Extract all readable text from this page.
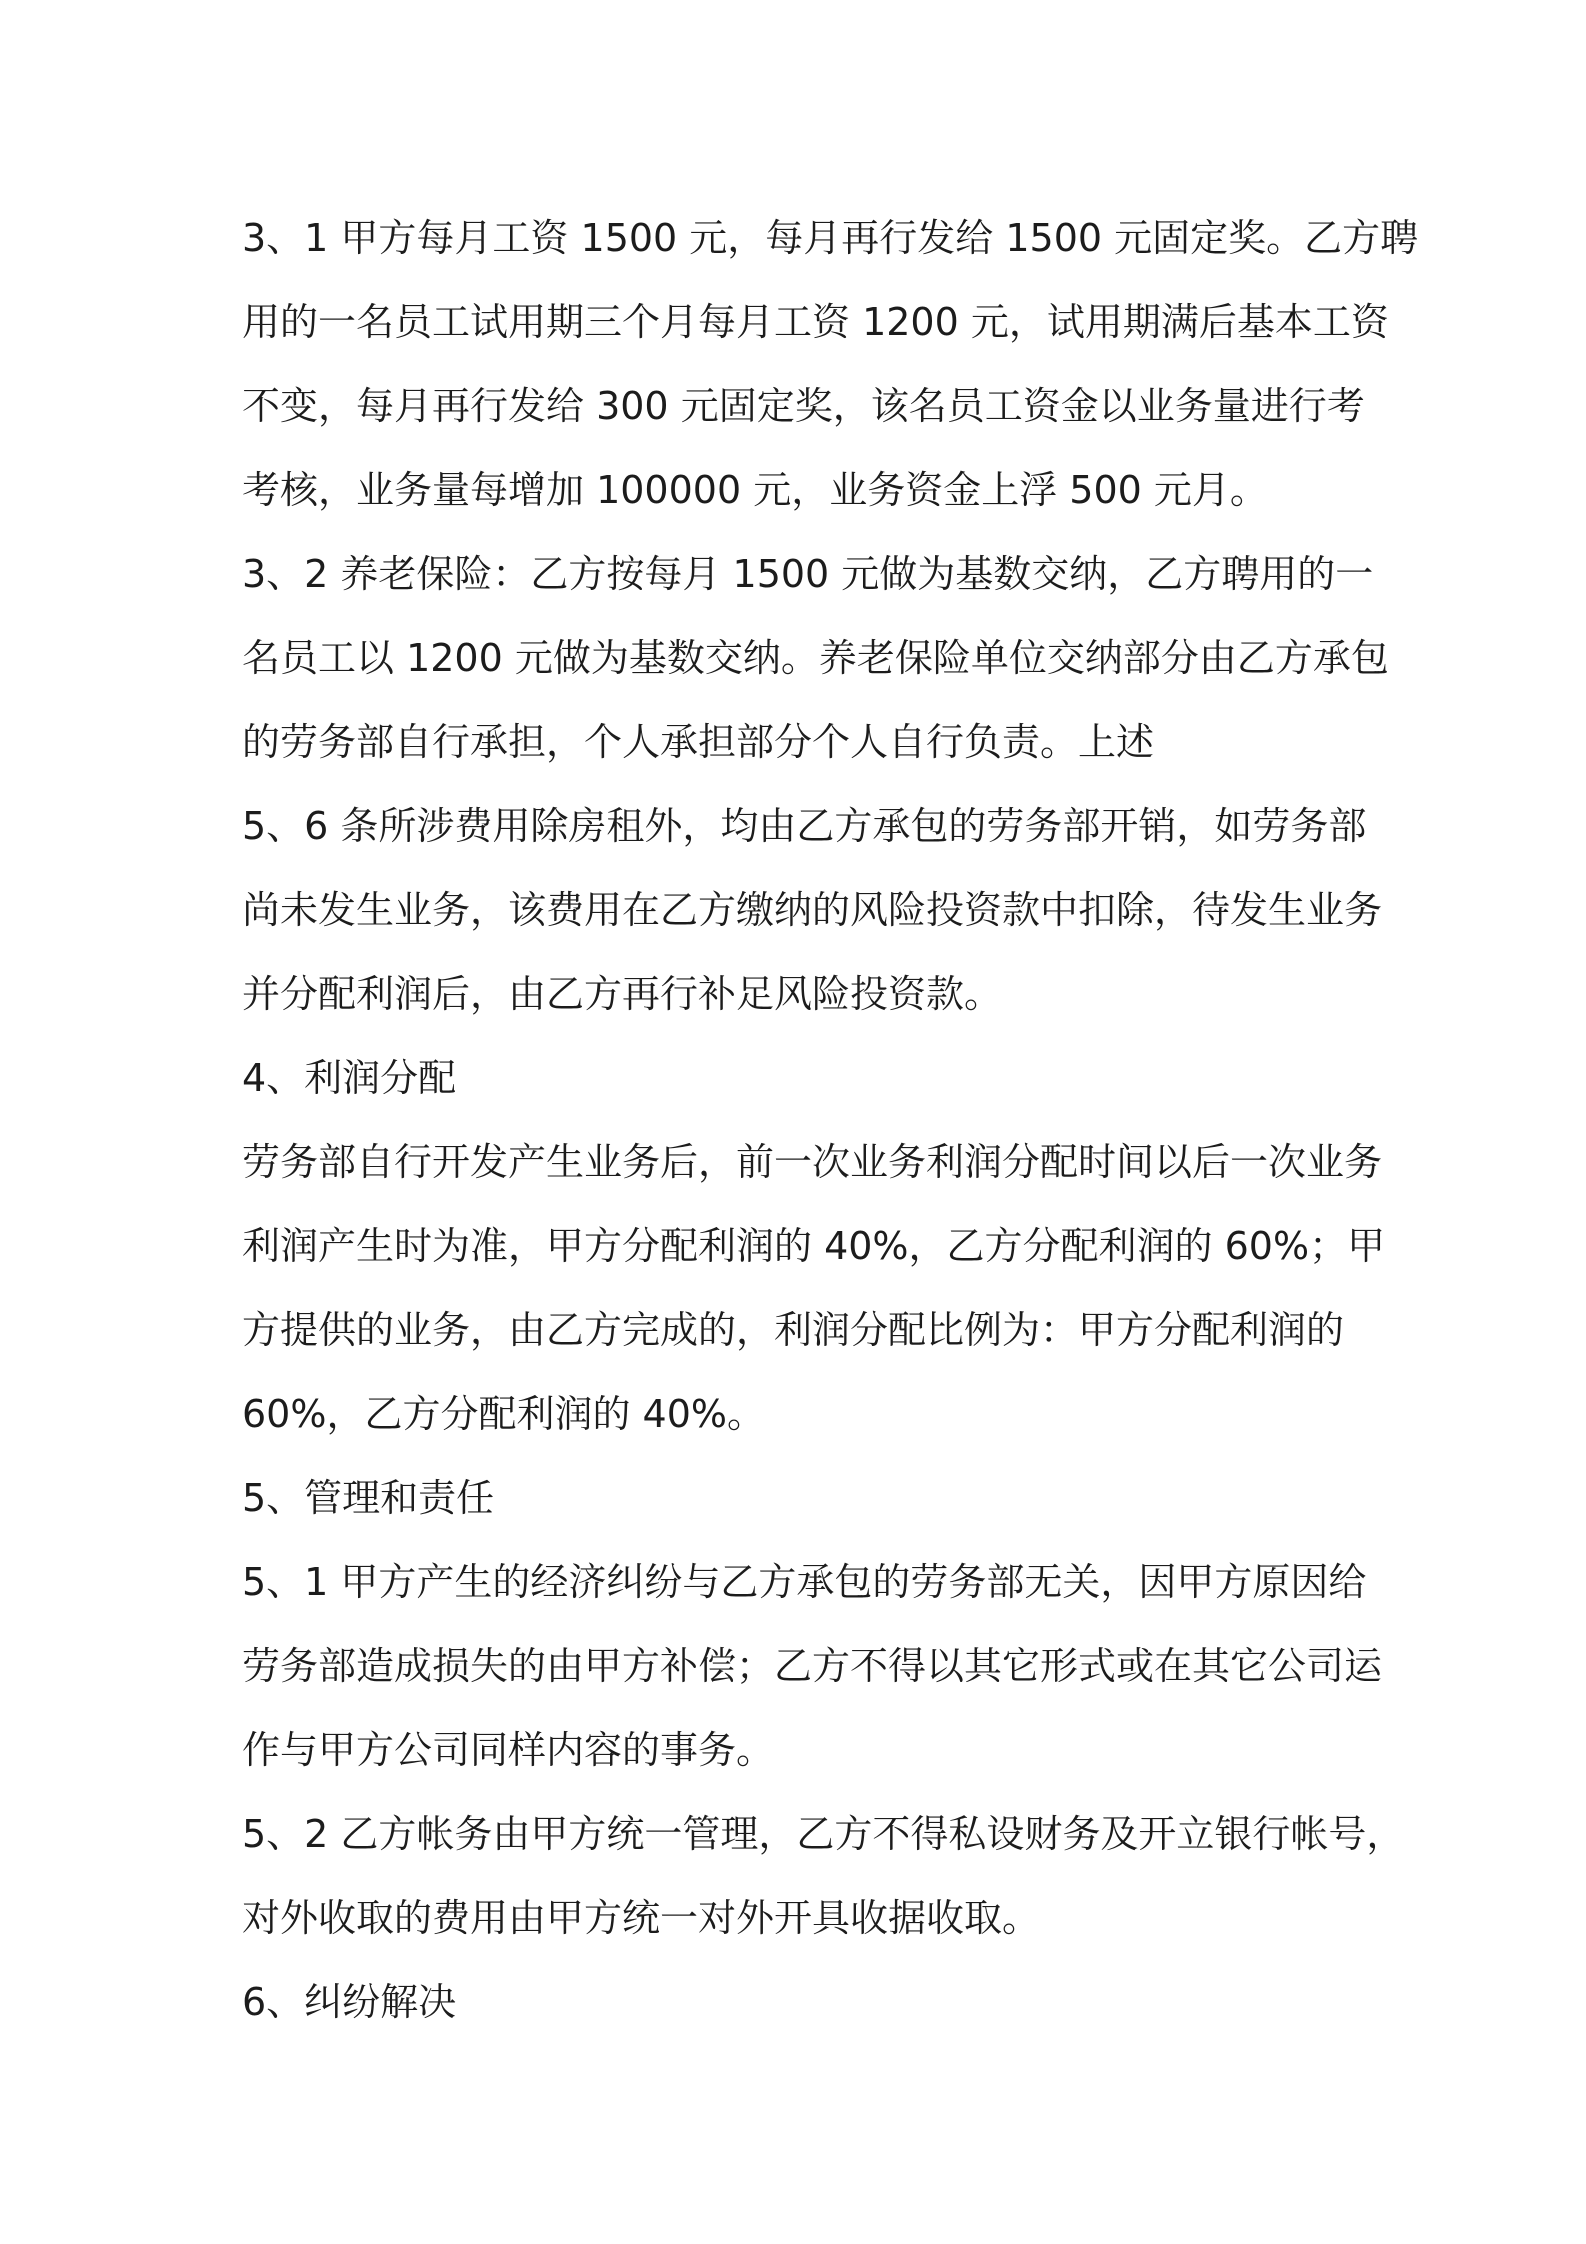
3、1 甲方每月工资 1500 元，每月再行发给 1500 元固定奖。乙方聘
用的一名员工试用期三个月每月工资 1200 元，试用期满后基本工资
不变，每月再行发给 300 元固定奖，该名员工资金以业务量进行考
考核，业务量每增加 100000 元，业务资金上浮 500 元月。
3、2 养老保险：乙方按每月 1500 元做为基数交纳，乙方聘用的一
名员工以 1200 元做为基数交纳。养老保险单位交纳部分由乙方承包
的劳务部自行承担，个人承担部分个人自行负责。上述
5、6 条所涉费用除房租外，均由乙方承包的劳务部开销，如劳务部
尚未发生业务，该费用在乙方缴纳的风险投资款中扣除，待发生业务
并分配利润后，由乙方再行补足风险投资款。
4、利润分配
劳务部自行开发产生业务后，前一次业务利润分配时间以后一次业务
利润产生时为准，甲方分配利润的 40%，乙方分配利润的 60%；甲
方提供的业务，由乙方完成的，利润分配比例为：甲方分配利润的
60%，乙方分配利润的 40%。
5、管理和责任
5、1 甲方产生的经济纠纷与乙方承包的劳务部无关，因甲方原因给
劳务部造成损失的由甲方补偿；乙方不得以其它形式或在其它公司运
作与甲方公司同样内容的事务。
5、2 乙方帐务由甲方统一管理，乙方不得私设财务及开立银行帐号，
对外收取的费用由甲方统一对外开具收据收取。
6、纠纷解决
